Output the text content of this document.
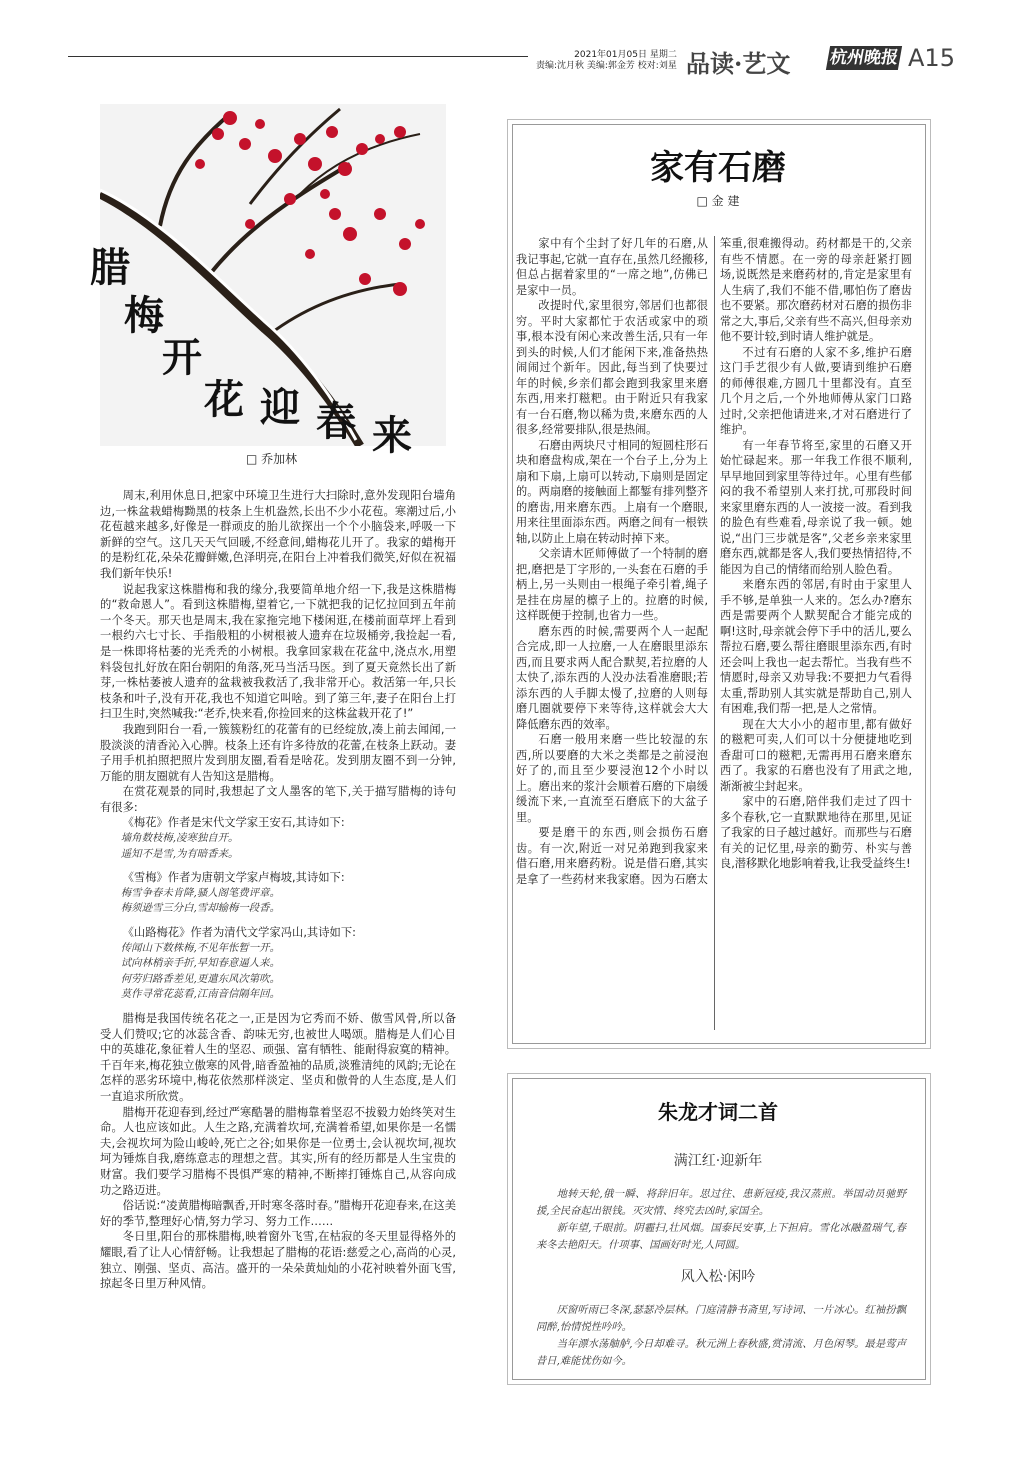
2021年01月05日 星期二
责编:沈月秋 美编:郭金芳 校对:刘星 品读·艺文 杭州晚报 A15
腊
梅
开
花 迎 春 来
□ 乔加林

周末,利用休息日,把家中环境卫生进行大扫除时,意外发现阳台墙角边,一株盆栽蜡梅黝黑的枝条上生机盎然,长出不少小花苞。寒潮过后,小花苞越来越多,好像是一群顽皮的胎儿欲探出一个个小脑袋来,呼吸一下新鲜的空气。这几天天气回暖,不经意间,蜡梅花儿开了。我家的蜡梅开的是粉红花,朵朵花瓣鲜嫩,色泽明亮,在阳台上冲着我们微笑,好似在祝福我们新年快乐!

说起我家这株腊梅和我的缘分,我要简单地介绍一下,我是这株腊梅的“救命恩人”。看到这株腊梅,望着它,一下就把我的记忆拉回到五年前一个冬天。那天也是周末,我在家拖完地下楼闲逛,在楼前面草坪上看到一根约六七寸长、手指般粗的小树根被人遗弃在垃圾桶旁,我捡起一看,是一株即将枯萎的光秃秃的小树根。我拿回家栽在花盆中,浇点水,用塑料袋包扎好放在阳台朝阳的角落,死马当活马医。到了夏天竟然长出了新芽,一株枯萎被人遗弃的盆栽被我救活了,我非常开心。救活第一年,只长枝条和叶子,没有开花,我也不知道它叫啥。到了第三年,妻子在阳台上打扫卫生时,突然喊我:“老乔,快来看,你捡回来的这株盆栽开花了!”

我跑到阳台一看,一簇簇粉红的花蕾有的已经绽放,凑上前去闻闻,一股淡淡的清香沁入心脾。枝条上还有许多待放的花蕾,在枝条上跃动。妻子用手机拍照把照片发到朋友圈,看看是啥花。发到朋友圈不到一分钟,万能的朋友圈就有人告知这是腊梅。

在赏花观景的同时,我想起了文人墨客的笔下,关于描写腊梅的诗句有很多:

《梅花》作者是宋代文学家王安石,其诗如下:

墙角数枝梅,凌寒独自开。

遥知不是雪,为有暗香来。

《雪梅》作者为唐朝文学家卢梅坡,其诗如下:

梅雪争春未肯降,骚人阁笔费评章。

梅须逊雪三分白,雪却输梅一段香。

《山路梅花》作者为清代文学家冯山,其诗如下:

传闻山下数株梅,不见年怅暂一开。

试向林梢亲手折,早知春意逼人来。

何劳归路香差见,更遣东风次第吹。

莫作寻常花蕊看,江南音信隔年回。

腊梅是我国传统名花之一,正是因为它秀而不娇、傲雪风骨,所以备受人们赞叹;它的冰蕊含香、韵味无穷,也被世人喝颂。腊梅是人们心目中的英雄花,象征着人生的坚忍、顽强、富有牺牲、能耐得寂寞的精神。千百年来,梅花独立傲寒的风骨,暗香盈袖的品质,淡雅清纯的风韵;无论在怎样的恶劣环境中,梅花依然那样淡定、坚贞和傲骨的人生态度,是人们一直追求所欣赏。

腊梅开花迎春到,经过严寒酷暑的腊梅靠着坚忍不拔毅力始终笑对生命。人也应该如此。人生之路,充满着坎坷,充满着希望,如果你是一名懦夫,会视坎坷为险山峻岭,死亡之谷;如果你是一位勇士,会认视坎坷,视坎坷为锤炼自我,磨练意志的理想之营。其实,所有的经历都是人生宝贵的财富。我们要学习腊梅不畏惧严寒的精神,不断摔打锤炼自己,从容向成功之路迈进。

俗话说:“凌黄腊梅暗飘香,开时寒冬落时春。”腊梅开花迎春来,在这美好的季节,整理好心情,努力学习、努力工作……

冬日里,阳台的那株腊梅,映着窗外飞雪,在枯寂的冬天里显得格外的耀眼,看了让人心情舒畅。让我想起了腊梅的花语:慈爱之心,高尚的心灵,独立、刚强、坚贞、高洁。盛开的一朵朵黄灿灿的小花衬映着外面飞雪,掠起冬日里万种风情。

家有石磨
□ 金 建

家中有个尘封了好几年的石磨,从我记事起,它就一直存在,虽然几经搬移,但总占据着家里的“一席之地”,仿佛已是家中一员。

改提时代,家里很穷,邻居们也都很穷。平时大家都忙于农活或家中的琐事,根本没有闲心来改善生活,只有一年到头的时候,人们才能闲下来,准备热热闹闹过个新年。因此,每当到了快要过年的时候,乡亲们都会跑到我家里来磨东西,用来打糍粑。由于附近只有我家有一台石磨,物以稀为贵,来磨东西的人很多,经常要排队,很是热闹。

石磨由两块尺寸相同的短圆柱形石块和磨盘构成,架在一个台子上,分为上扇和下扇,上扇可以转动,下扇则是固定的。两扇磨的接触面上都錾有排列整齐的磨齿,用来磨东西。上扇有一个磨眼,用来往里面添东西。两磨之间有一根铁轴,以防止上扇在转动时掉下来。

父亲请木匠师傅做了一个特制的磨把,磨把是丁字形的,一头套在石磨的手柄上,另一头则由一根绳子牵引着,绳子是挂在房屋的檩子上的。拉磨的时候,这样既便于控制,也省力一些。

磨东西的时候,需要两个人一起配合完成,即一人拉磨,一人在磨眼里添东西,而且要求两人配合默契,若拉磨的人太快了,添东西的人没办法看准磨眼;若添东西的人手脚太慢了,拉磨的人则每磨几圈就要停下来等待,这样就会大大降低磨东西的效率。

石磨一般用来磨一些比较湿的东西,所以要磨的大米之类都是之前浸泡好了的,而且至少要浸泡12个小时以上。磨出来的浆汁会顺着石磨的下扇缓缓流下来,一直流至石磨底下的大盆子里。

要是磨干的东西,则会损伤石磨齿。有一次,附近一对兄弟跑到我家来借石磨,用来磨药粉。说是借石磨,其实是拿了一些药材来我家磨。因为石磨太笨重,很难搬得动。药材都是干的,父亲有些不情愿。在一旁的母亲赶紧打圆场,说既然是来磨药材的,肯定是家里有人生病了,我们不能不借,哪怕伤了磨齿也不要紧。那次磨药材对石磨的损伤非常之大,事后,父亲有些不高兴,但母亲劝他不要计较,到时请人维护就是。

不过有石磨的人家不多,维护石磨这门手艺很少有人做,要请到维护石磨的师傅很难,方圆几十里都没有。直至几个月之后,一个外地师傅从家门口路过时,父亲把他请进来,才对石磨进行了维护。

有一年春节将至,家里的石磨又开始忙碌起来。那一年我工作很不顺利,早早地回到家里等待过年。心里有些郁闷的我不希望别人来打扰,可那段时间来家里磨东西的人一波接一波。看到我的脸色有些难看,母亲说了我一顿。她说,“出门三步就是客”,父老乡亲来家里磨东西,就都是客人,我们要热情招待,不能因为自己的情绪而给别人脸色看。

来磨东西的邻居,有时由于家里人手不够,是单独一人来的。怎么办?磨东西是需要两个人默契配合才能完成的啊!这时,母亲就会停下手中的活儿,要么帮拉石磨,要么帮往磨眼里添东西,有时还会叫上我也一起去帮忙。当我有些不情愿时,母亲又劝导我:不要把力气看得太重,帮助别人其实就是帮助自己,别人有困难,我们帮一把,是人之常情。

现在大大小小的超市里,都有做好的糍粑可卖,人们可以十分便捷地吃到香甜可口的糍粑,无需再用石磨来磨东西了。我家的石磨也没有了用武之地,渐渐被尘封起来。

家中的石磨,陪伴我们走过了四十多个春秋,它一直默默地待在那里,见证了我家的日子越过越好。而那些与石磨有关的记忆里,母亲的勤劳、朴实与善良,潜移默化地影响着我,让我受益终生!

朱龙才词二首
满江红·迎新年
地转天轮,俄一瞬、将辞旧年。思过往、患新冠疫,我汉蒸煎。举国动员驰野援,全民奋起出银钱。灭灾情、终究去凶时,家国全。
新年望,千眼前。阴霾扫,壮风烟。国泰民安事,上下担肩。雪化冰融盈瑞气,春来冬去艳阳天。什项事、国画好时光,人同圆。
风入松·闲吟
厌窗听雨已冬深,瑟瑟冷层林。门庭清静书斋里,写诗词、一片冰心。红袖扮飘同醉,怡情悦性吟吟。
当年漂水荡舳舻,今日却难寻。秋元洲上春秋盛,赏清流、月色闲琴。最是莺声昔日,难能忧伤如今。
